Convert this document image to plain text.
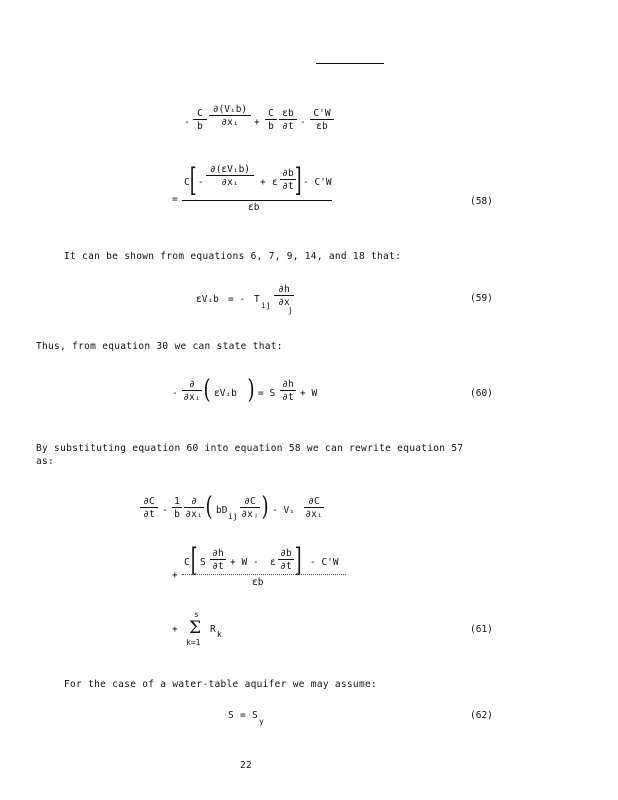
- $\frac{C}{b}$ ∂(Vᵢb)
∂xᵢ	+ $\frac{C}{b} \frac{\varepsilon b}{\partial t} - \frac{C'W}{\varepsilon b}$
=
C [ -
∂(εVᵢb)
∂xᵢ	+ ε $\frac{\partial b}{\partial t}$
] - C'W
εb
(58)
It can be shown from equations 6, 7, 9, 14, and 18 that:
εVᵢb = - T
ij $\frac{\partial h}{\partial x}$
j
(59)
Thus, from equation 30 we can state that:
-
∂
∂xᵢ ( εVᵢb ) = S $\frac{\partial h}{\partial t} + W$	(60)
By substituting equation 60 into equation 58 we can rewrite equation 57
as:
$\frac{\partial C}{\partial t} - \frac{1}{b}$ ∂
∂xᵢ ( bD
ij $\frac{\partial C}{\text{∂xⱼ}}$ ) - Vᵢ $\frac{\partial C}{\text{∂xᵢ}}$
+
C [ S $\frac{\partial h}{\partial t} + W - \varepsilon \frac{\partial b}{\partial t}$ ] - C'W
εb
+
s
Σ
k=1
R k	(61)
For the case of a water-table aquifer we may assume:
S = S
y
(62)
22
